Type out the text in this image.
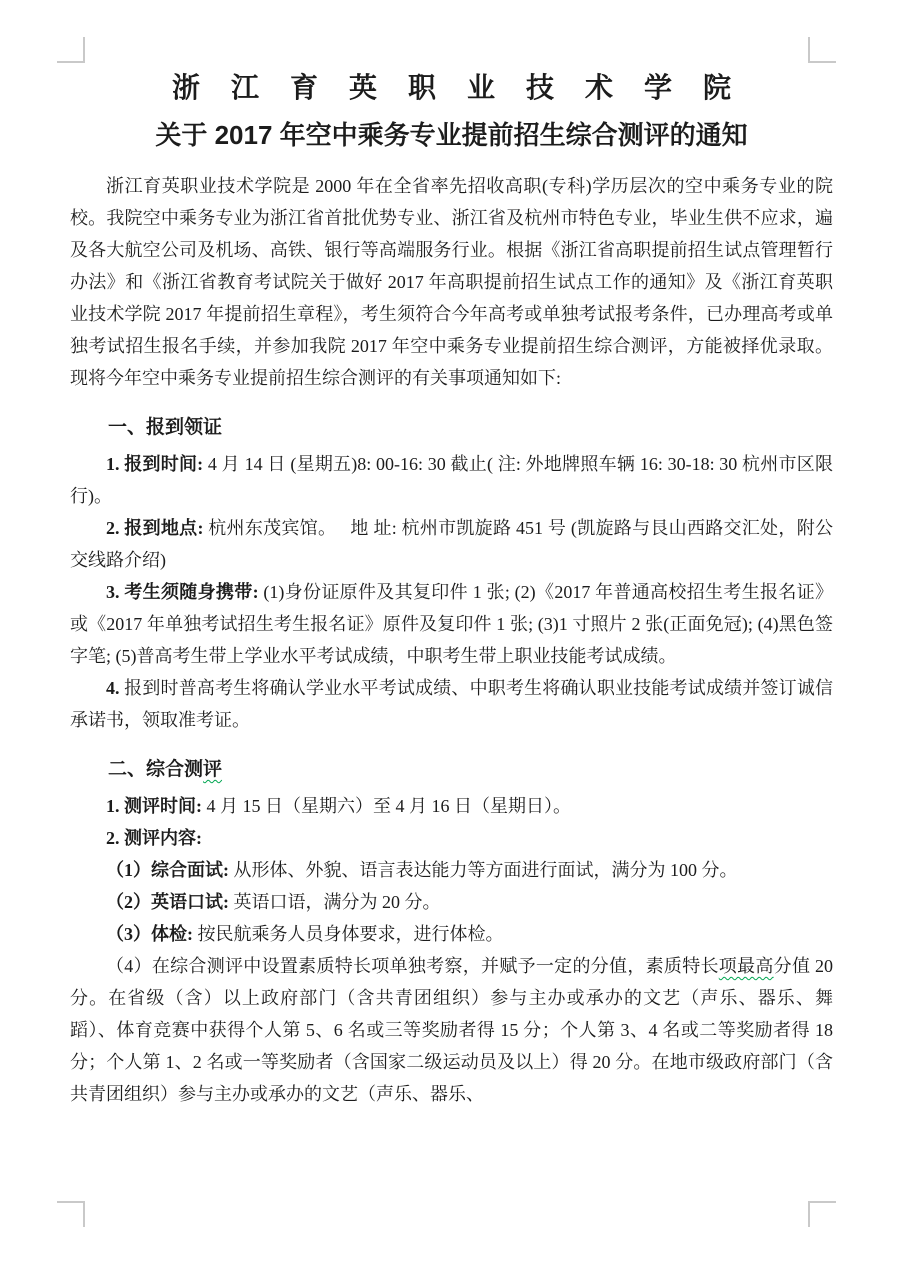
浙 江 育 英 职 业 技 术 学 院
关于 2017 年空中乘务专业提前招生综合测评的通知

浙江育英职业技术学院是 2000 年在全省率先招收高职(专科)学历层次的空中乘务专业的院校。我院空中乘务专业为浙江省首批优势专业、浙江省及杭州市特色专业，毕业生供不应求，遍及各大航空公司及机场、高铁、银行等高端服务行业。根据《浙江省高职提前招生试点管理暂行办法》和《浙江省教育考试院关于做好 2017 年高职提前招生试点工作的通知》及《浙江育英职业技术学院 2017 年提前招生章程》，考生须符合今年高考或单独考试报考条件，已办理高考或单独考试招生报名手续，并参加我院 2017 年空中乘务专业提前招生综合测评，方能被择优录取。现将今年空中乘务专业提前招生综合测评的有关事项通知如下:

一、报到领证

1. 报到时间: 4 月 14 日 (星期五)8: 00-16: 30 截止( 注: 外地牌照车辆 16: 30-18: 30 杭州市区限行)。

2. 报到地点: 杭州东茂宾馆。　 地 址: 杭州市凯旋路 451 号 (凯旋路与艮山西路交汇处，附公交线路介绍)

3. 考生须随身携带: (1)身份证原件及其复印件 1 张; (2)《2017 年普通高校招生考生报名证》或《2017 年单独考试招生考生报名证》原件及复印件 1 张; (3)1 寸照片 2 张(正面免冠); (4)黑色签字笔; (5)普高考生带上学业水平考试成绩，中职考生带上职业技能考试成绩。

4. 报到时普高考生将确认学业水平考试成绩、中职考生将确认职业技能考试成绩并签订诚信承诺书，领取准考证。

二、综合测评

1. 测评时间: 4 月 15 日（星期六）至 4 月 16 日（星期日）。

2. 测评内容:

（1）综合面试: 从形体、外貌、语言表达能力等方面进行面试，满分为 100 分。

（2）英语口试: 英语口语，满分为 20 分。

（3）体检: 按民航乘务人员身体要求，进行体检。

（4）在综合测评中设置素质特长项单独考察，并赋予一定的分值，素质特长项最高分值 20 分。在省级（含）以上政府部门（含共青团组织）参与主办或承办的文艺（声乐、器乐、舞蹈）、体育竞赛中获得个人第 5、6 名或三等奖励者得 15 分；个人第 3、4 名或二等奖励者得 18 分；个人第 1、2 名或一等奖励者（含国家二级运动员及以上）得 20 分。在地市级政府部门（含共青团组织）参与主办或承办的文艺（声乐、器乐、
